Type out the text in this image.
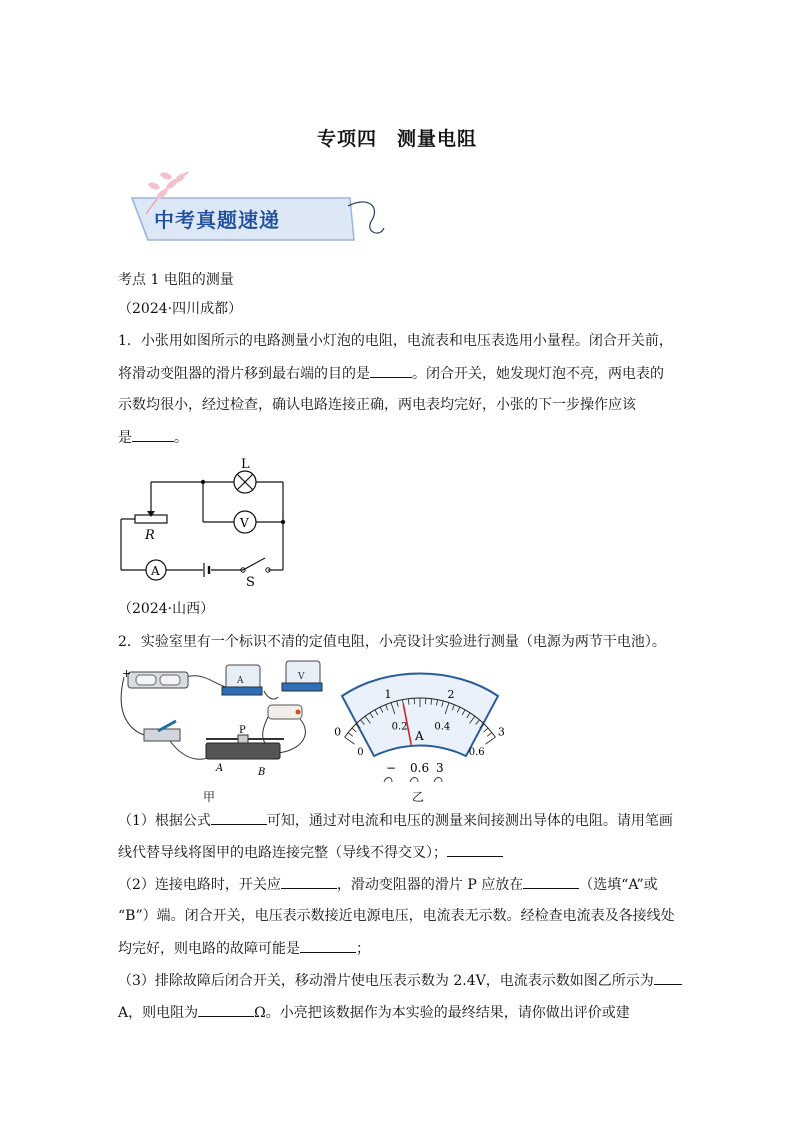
专项四　测量电阻
中考真题速递
考点 1 电阻的测量
（2024·四川成都）
1．小张用如图所示的电路测量小灯泡的电阻，电流表和电压表选用小量程。闭合开关前，
将滑动变阻器的滑片移到最右端的目的是	。闭合开关，她发现灯泡不亮，两电表的
示数均很小，经过检查，确认电路连接正确，两电表均完好，小张的下一步操作应该
是	。
L
V
A
R
S
（2024·山西）
2．实验室里有一个标识不清的定值电阻，小亮设计实验进行测量（电源为两节干电池）。
+
A	V
P
A	B
0
1	2
3
0
0.2	0.4
0.6
A
− 0.6 3
甲	乙
（1）根据公式	可知，通过对电流和电压的测量来间接测出导体的电阻。请用笔画
线代替导线将图甲的电路连接完整（导线不得交叉）；
（2）连接电路时，开关应	，滑动变阻器的滑片 P 应放在	（选填“A”或
“B”）端。闭合开关，电压表示数接近电源电压，电流表无示数。经检查电流表及各接线处
均完好，则电路的故障可能是	；
（3）排除故障后闭合开关，移动滑片使电压表示数为 2.4V，电流表示数如图乙所示为
A，则电阻为	Ω。小亮把该数据作为本实验的最终结果，请你做出评价或建
